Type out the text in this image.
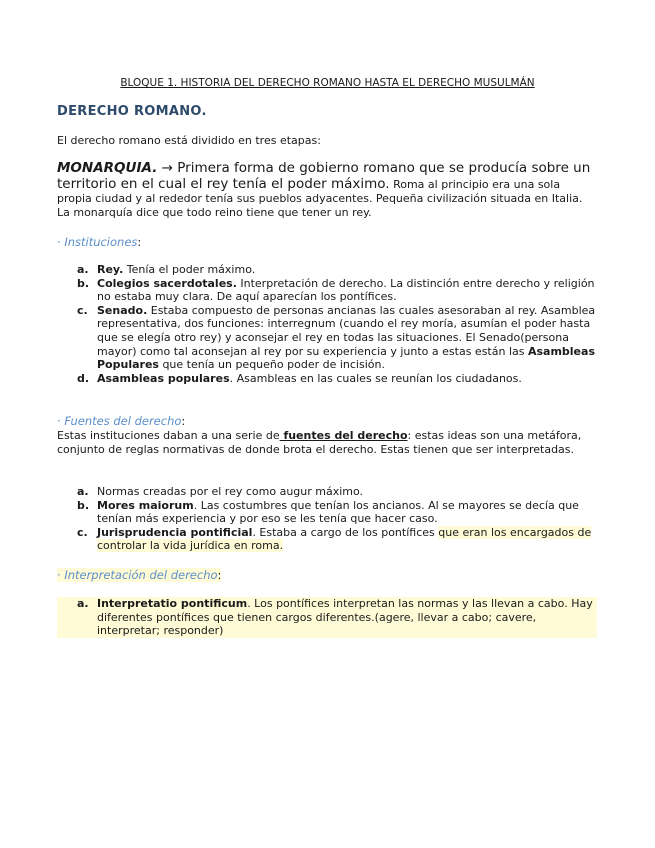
BLOQUE 1. HISTORIA DEL DERECHO ROMANO HASTA EL DERECHO MUSULMÁN
DERECHO ROMANO.
El derecho romano está dividido en tres etapas:
MONARQUIA. → Primera forma de gobierno romano que se producía sobre un territorio en el cual el rey tenía el poder máximo. Roma al principio era una sola propia ciudad y al rededor tenía sus pueblos adyacentes. Pequeña civilización situada en Italia. La monarquía dice que todo reino tiene que tener un rey.
· Instituciones:
a. Rey. Tenía el poder máximo.
b. Colegios sacerdotales. Interpretación de derecho. La distinción entre derecho y religión no estaba muy clara. De aquí aparecían los pontífices.
c. Senado. Estaba compuesto de personas ancianas las cuales asesoraban al rey. Asamblea representativa, dos funciones: interregnum (cuando el rey moría, asumían el poder hasta que se elegía otro rey) y aconsejar el rey en todas las situaciones. El Senado(persona mayor) como tal aconsejan al rey por su experiencia y junto a estas están las Asambleas Populares que tenía un pequeño poder de incisión.
d. Asambleas populares. Asambleas en las cuales se reunían los ciudadanos.
· Fuentes del derecho:
Estas instituciones daban a una serie de fuentes del derecho: estas ideas son una metáfora, conjunto de reglas normativas de donde brota el derecho. Estas tienen que ser interpretadas.
a. Normas creadas por el rey como augur máximo.
b. Mores maiorum. Las costumbres que tenían los ancianos. Al se mayores se decía que tenían más experiencia y por eso se les tenía que hacer caso.
c. Jurisprudencia pontificial. Estaba a cargo de los pontífices que eran los encargados de controlar la vida jurídica en roma.
· Interpretación del derecho:
a. Interpretatio pontificum. Los pontífices interpretan las normas y las llevan a cabo. Hay diferentes pontífices que tienen cargos diferentes.(agere, llevar a cabo; cavere, interpretar; responder)
